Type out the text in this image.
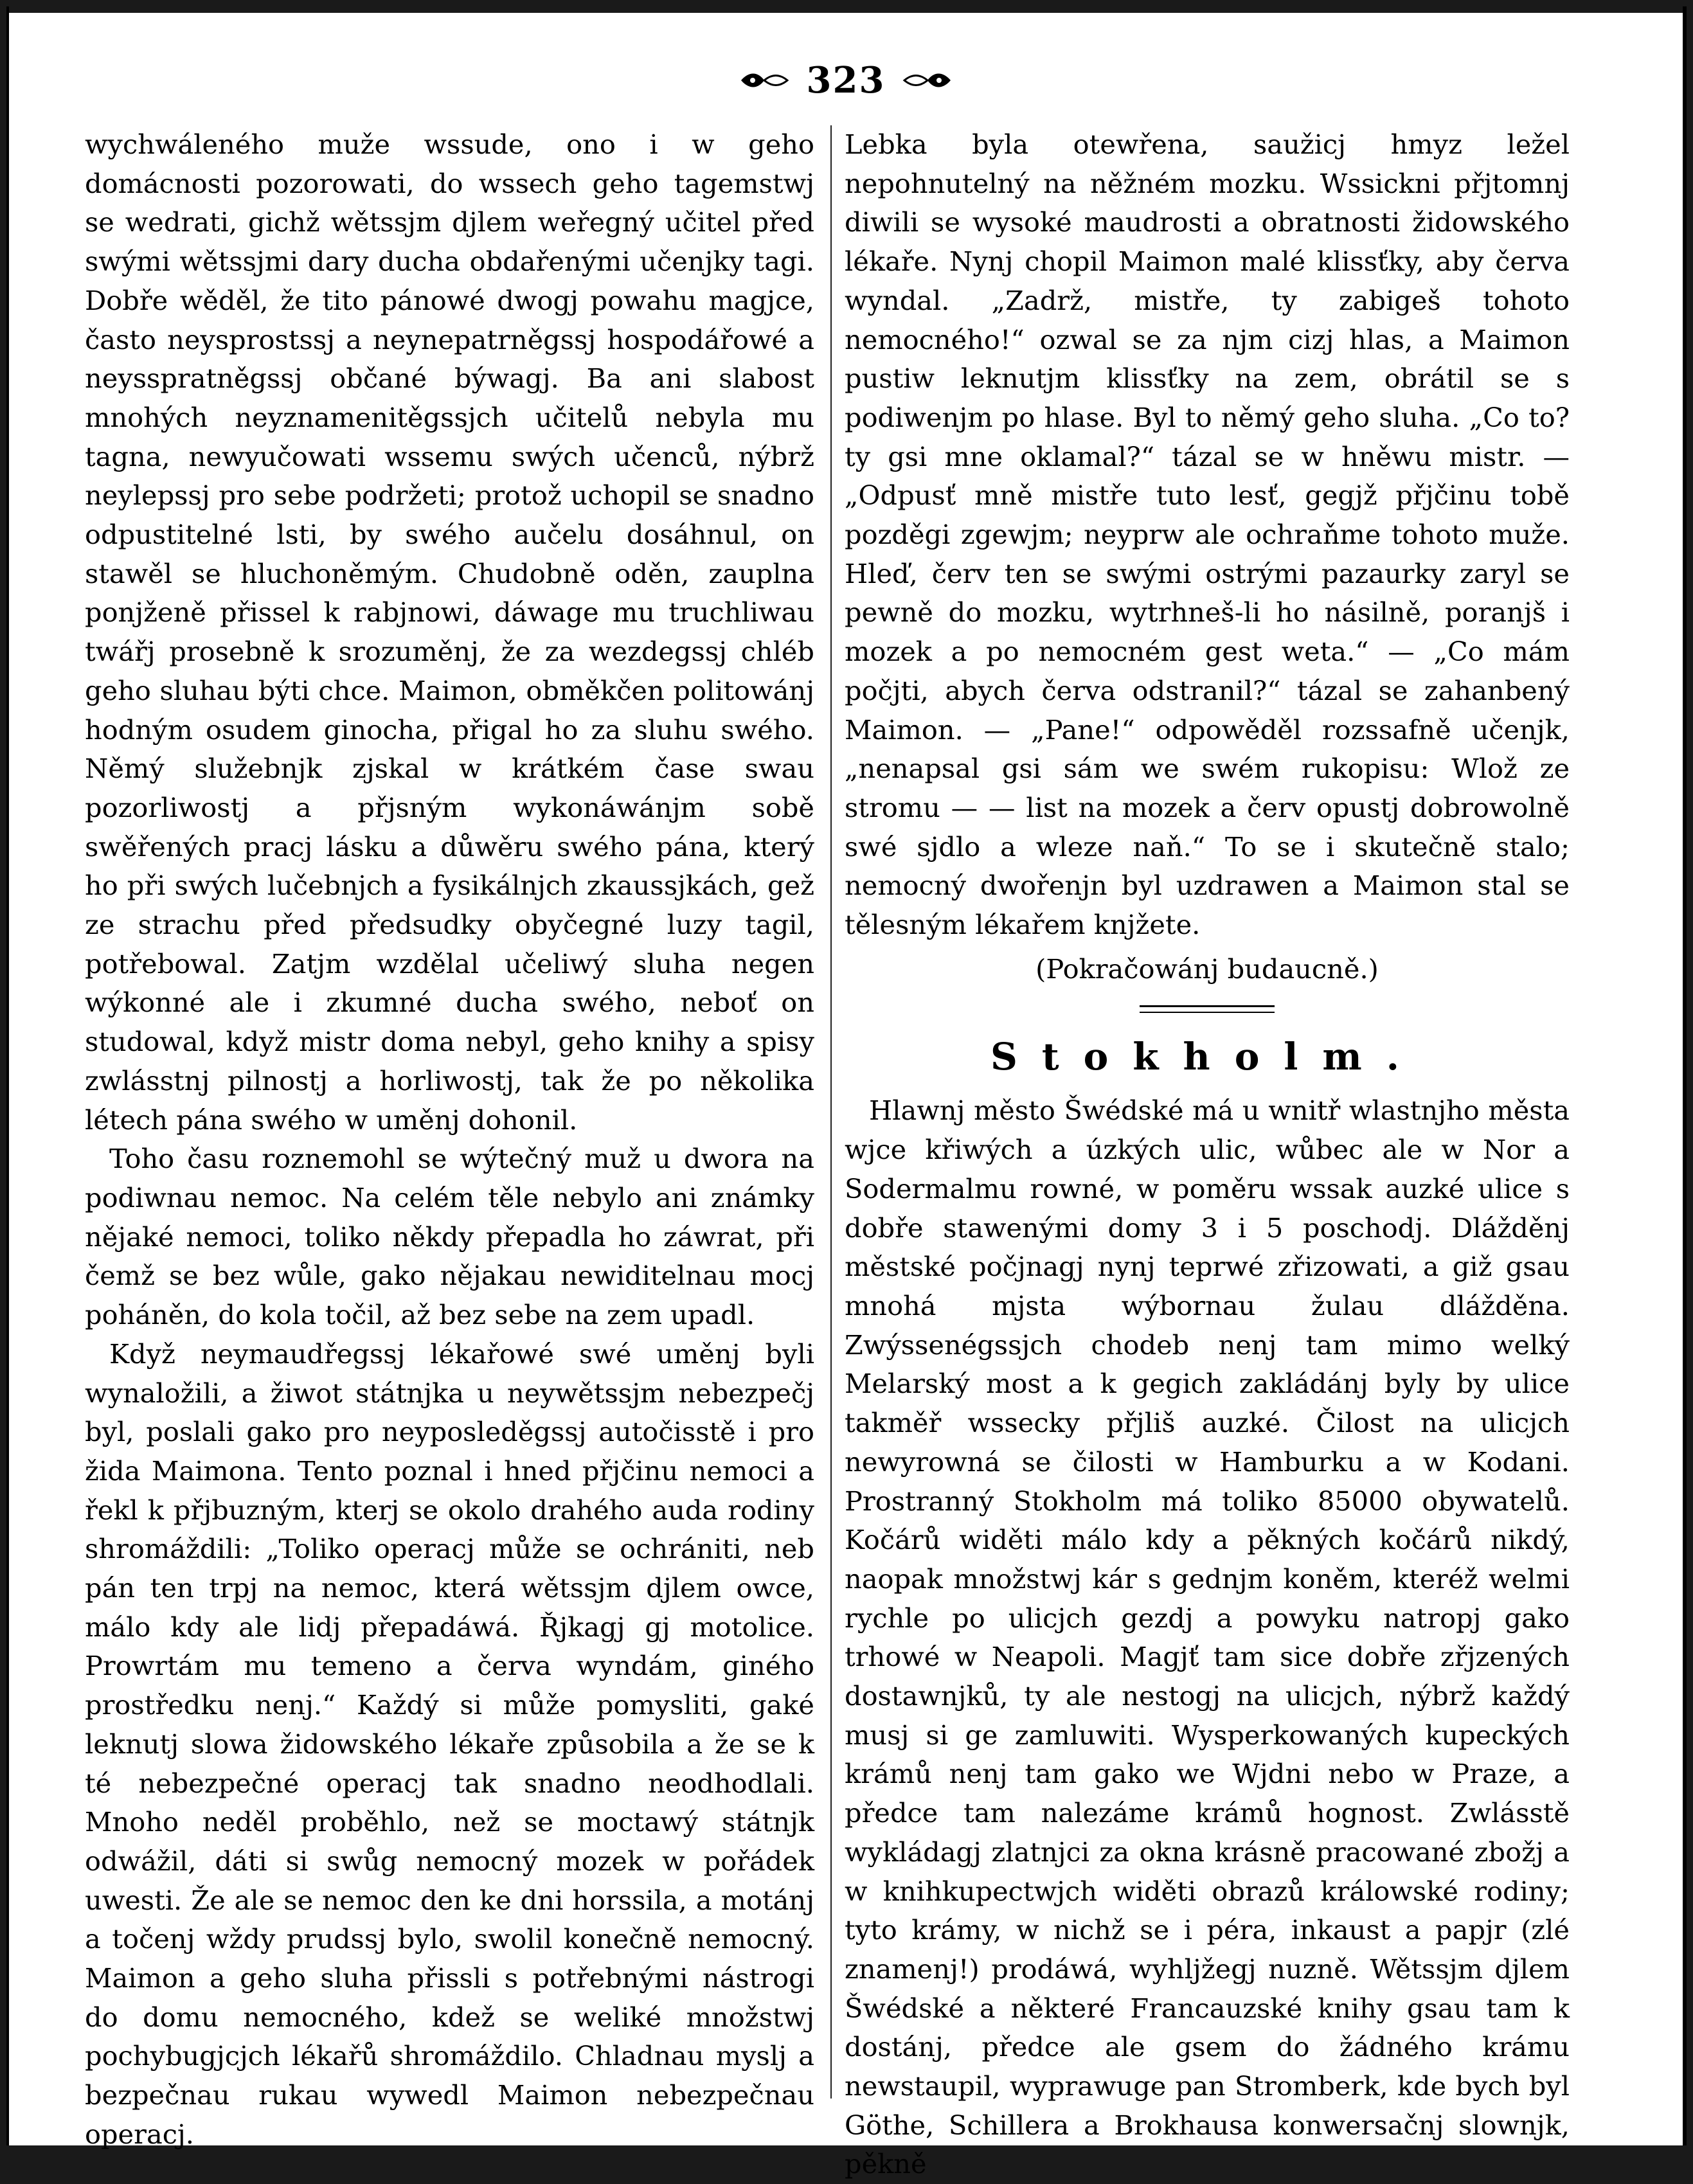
323

wychwáleného muže wssude, ono i w geho domácnosti pozorowati, do wssech geho tagemstwj se wedrati, gichž wětssjm djlem weřegný učitel před swými wětssjmi dary ducha obdařenými učenjky tagi. Dobře wěděl, že tito pánowé dwogj powahu magjce, často neysprostssj a neynepatrněgssj hospodářowé a neysspratněgssj občané býwagj. Ba ani slabost mnohých neyznamenitěgssjch učitelů nebyla mu tagna, newyučowati wssemu swých učenců, nýbrž neylepssj pro sebe podržeti; protož uchopil se snadno odpustitelné lsti, by swého aučelu dosáhnul, on stawěl se hluchoněmým. Chudobně oděn, zauplna ponjženě přissel k rabjnowi, dáwage mu truchliwau twářj prosebně k srozuměnj, že za wezdegssj chléb geho sluhau býti chce. Maimon, obměkčen politowánj hodným osudem ginocha, přigal ho za sluhu swého. Němý služebnjk zjskal w krátkém čase swau pozorliwostj a přjsným wykonáwánjm sobě swěřených pracj lásku a důwěru swého pána, který ho při swých lučebnjch a fysikálnjch zkaussjkách, gež ze strachu před předsudky obyčegné luzy tagil, potřebowal. Zatjm wzdělal učeliwý sluha negen wýkonné ale i zkumné ducha swého, neboť on studowal, když mistr doma nebyl, geho knihy a spisy zwlásstnj pilnostj a horliwostj, tak že po několika létech pána swého w uměnj dohonil.

Toho času roznemohl se wýtečný muž u dwora na podiwnau nemoc. Na celém těle nebylo ani známky nějaké nemoci, toliko někdy přepadla ho záwrat, při čemž se bez wůle, gako nějakau newiditelnau mocj poháněn, do kola točil, až bez sebe na zem upadl.

Když neymaudřegssj lékařowé swé uměnj byli wynaložili, a žiwot státnjka u neywětssjm nebezpečj byl, poslali gako pro neyposleděgssj autočisstě i pro žida Maimona. Tento poznal i hned přjčinu nemoci a řekl k přjbuzným, kterj se okolo drahého auda rodiny shromáždili: „Toliko operacj může se ochrániti, neb pán ten trpj na nemoc, která wětssjm djlem owce, málo kdy ale lidj přepadáwá. Řjkagj gj motolice. Prowrtám mu temeno a červa wyndám, giného prostředku nenj.“ Každý si může pomysliti, gaké leknutj slowa židowského lékaře způsobila a že se k té nebezpečné operacj tak snadno neodhodlali. Mnoho neděl proběhlo, než se moctawý státnjk odwážil, dáti si swůg nemocný mozek w pořádek uwesti. Že ale se nemoc den ke dni horssila, a motánj a točenj wždy prudssj bylo, swolil konečně nemocný. Maimon a geho sluha přissli s potřebnými nástrogi do domu nemocného, kdež se weliké množstwj pochybugjcjch lékařů shromáždilo. Chladnau myslj a bezpečnau rukau wywedl Maimon nebezpečnau operacj.

Lebka byla otewřena, saužicj hmyz ležel nepohnutelný na něžném mozku. Wssickni přjtomnj diwili se wysoké maudrosti a obratnosti židowského lékaře. Nynj chopil Maimon malé klissťky, aby červa wyndal. „Zadrž, mistře, ty zabigeš tohoto nemocného!“ ozwal se za njm cizj hlas, a Maimon pustiw leknutjm klissťky na zem, obrátil se s podiwenjm po hlase. Byl to němý geho sluha. „Co to? ty gsi mne oklamal?“ tázal se w hněwu mistr. — „Odpusť mně mistře tuto lesť, gegjž přjčinu tobě pozděgi zgewjm; neyprw ale ochraňme tohoto muže. Hleď, červ ten se swými ostrými pazaurky zaryl se pewně do mozku, wytrhneš-li ho násilně, poranjš i mozek a po nemocném gest weta.“ — „Co mám počjti, abych červa odstranil?“ tázal se zahanbený Maimon. — „Pane!“ odpowěděl rozssafně učenjk, „nenapsal gsi sám we swém rukopisu: Wlož ze stromu — — list na mozek a červ opustj dobrowolně swé sjdlo a wleze naň.“ To se i skutečně stalo; nemocný dwořenjn byl uzdrawen a Maimon stal se tělesným lékařem knjžete.

(Pokračowánj budaucně.)

Stokholm.

Hlawnj město Šwédské má u wnitř wlastnjho města wjce křiwých a úzkých ulic, wůbec ale w Nor a Sodermalmu rowné, w poměru wssak auzké ulice s dobře stawenými domy 3 i 5 poschodj. Dlážděnj městské počjnagj nynj teprwé zřizowati, a giž gsau mnohá mjsta wýbornau žulau dlážděna. Zwýssenégssjch chodeb nenj tam mimo welký Melarský most a k gegich zakládánj byly by ulice takměř wssecky přjliš auzké. Čilost na ulicjch newyrowná se čilosti w Hamburku a w Kodani. Prostranný Stokholm má toliko 85000 obywatelů. Kočárů widěti málo kdy a pěkných kočárů nikdý, naopak množstwj kár s gednjm koněm, kteréž welmi rychle po ulicjch gezdj a powyku natropj gako trhowé w Neapoli. Magjť tam sice dobře zřjzených dostawnjků, ty ale nestogj na ulicjch, nýbrž každý musj si ge zamluwiti. Wysperkowaných kupeckých krámů nenj tam gako we Wjdni nebo w Praze, a předce tam nalezáme krámů hognost. Zwlásstě wykládagj zlatnjci za okna krásně pracowané zbožj a w knihkupectwjch widěti obrazů králowské rodiny; tyto krámy, w nichž se i péra, inkaust a papjr (zlé znamenj!) prodáwá, wyhljžegj nuzně. Wětssjm djlem Šwédské a některé Francauzské knihy gsau tam k dostánj, předce ale gsem do žádného krámu newstaupil, wyprawuge pan Stromberk, kde bych byl Göthe, Schillera a Brokhausa konwersačnj slownjk, pěkně
